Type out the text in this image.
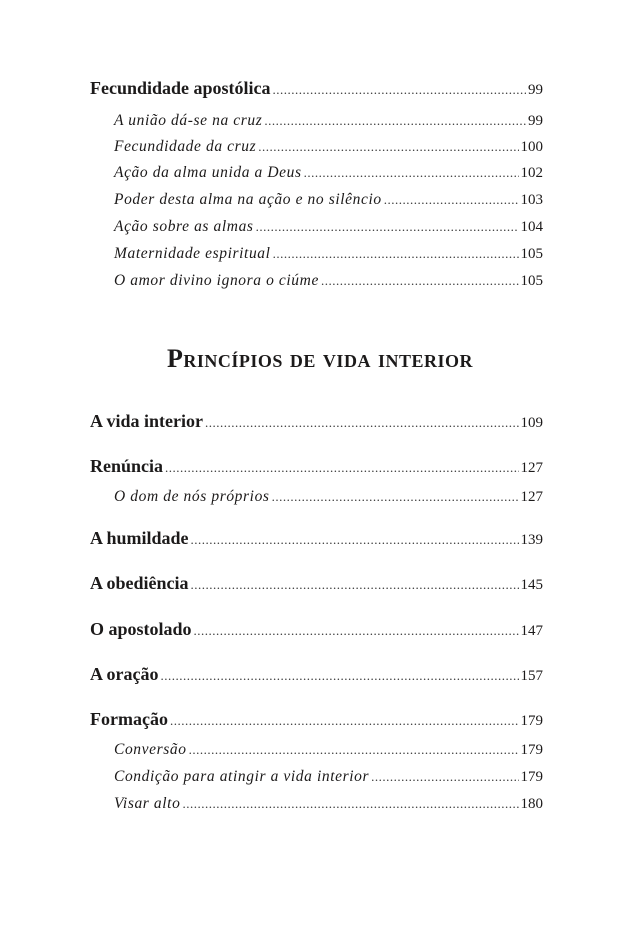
Fecundidade apostólica .....	99
A união dá-se na cruz .....	99
Fecundidade da cruz .....	100
Ação da alma unida a Deus .....	102
Poder desta alma na ação e no silêncio .....	103
Ação sobre as almas .....	104
Maternidade espiritual .....	105
O amor divino ignora o ciúme .....	105
Princípios de vida interior
A vida interior .....	109
Renúncia .....	127
O dom de nós próprios .....	127
A humildade .....	139
A obediência .....	145
O apostolado .....	147
A oração .....	157
Formação .....	179
Conversão .....	179
Condição para atingir a vida interior .....	179
Visar alto .....	180
